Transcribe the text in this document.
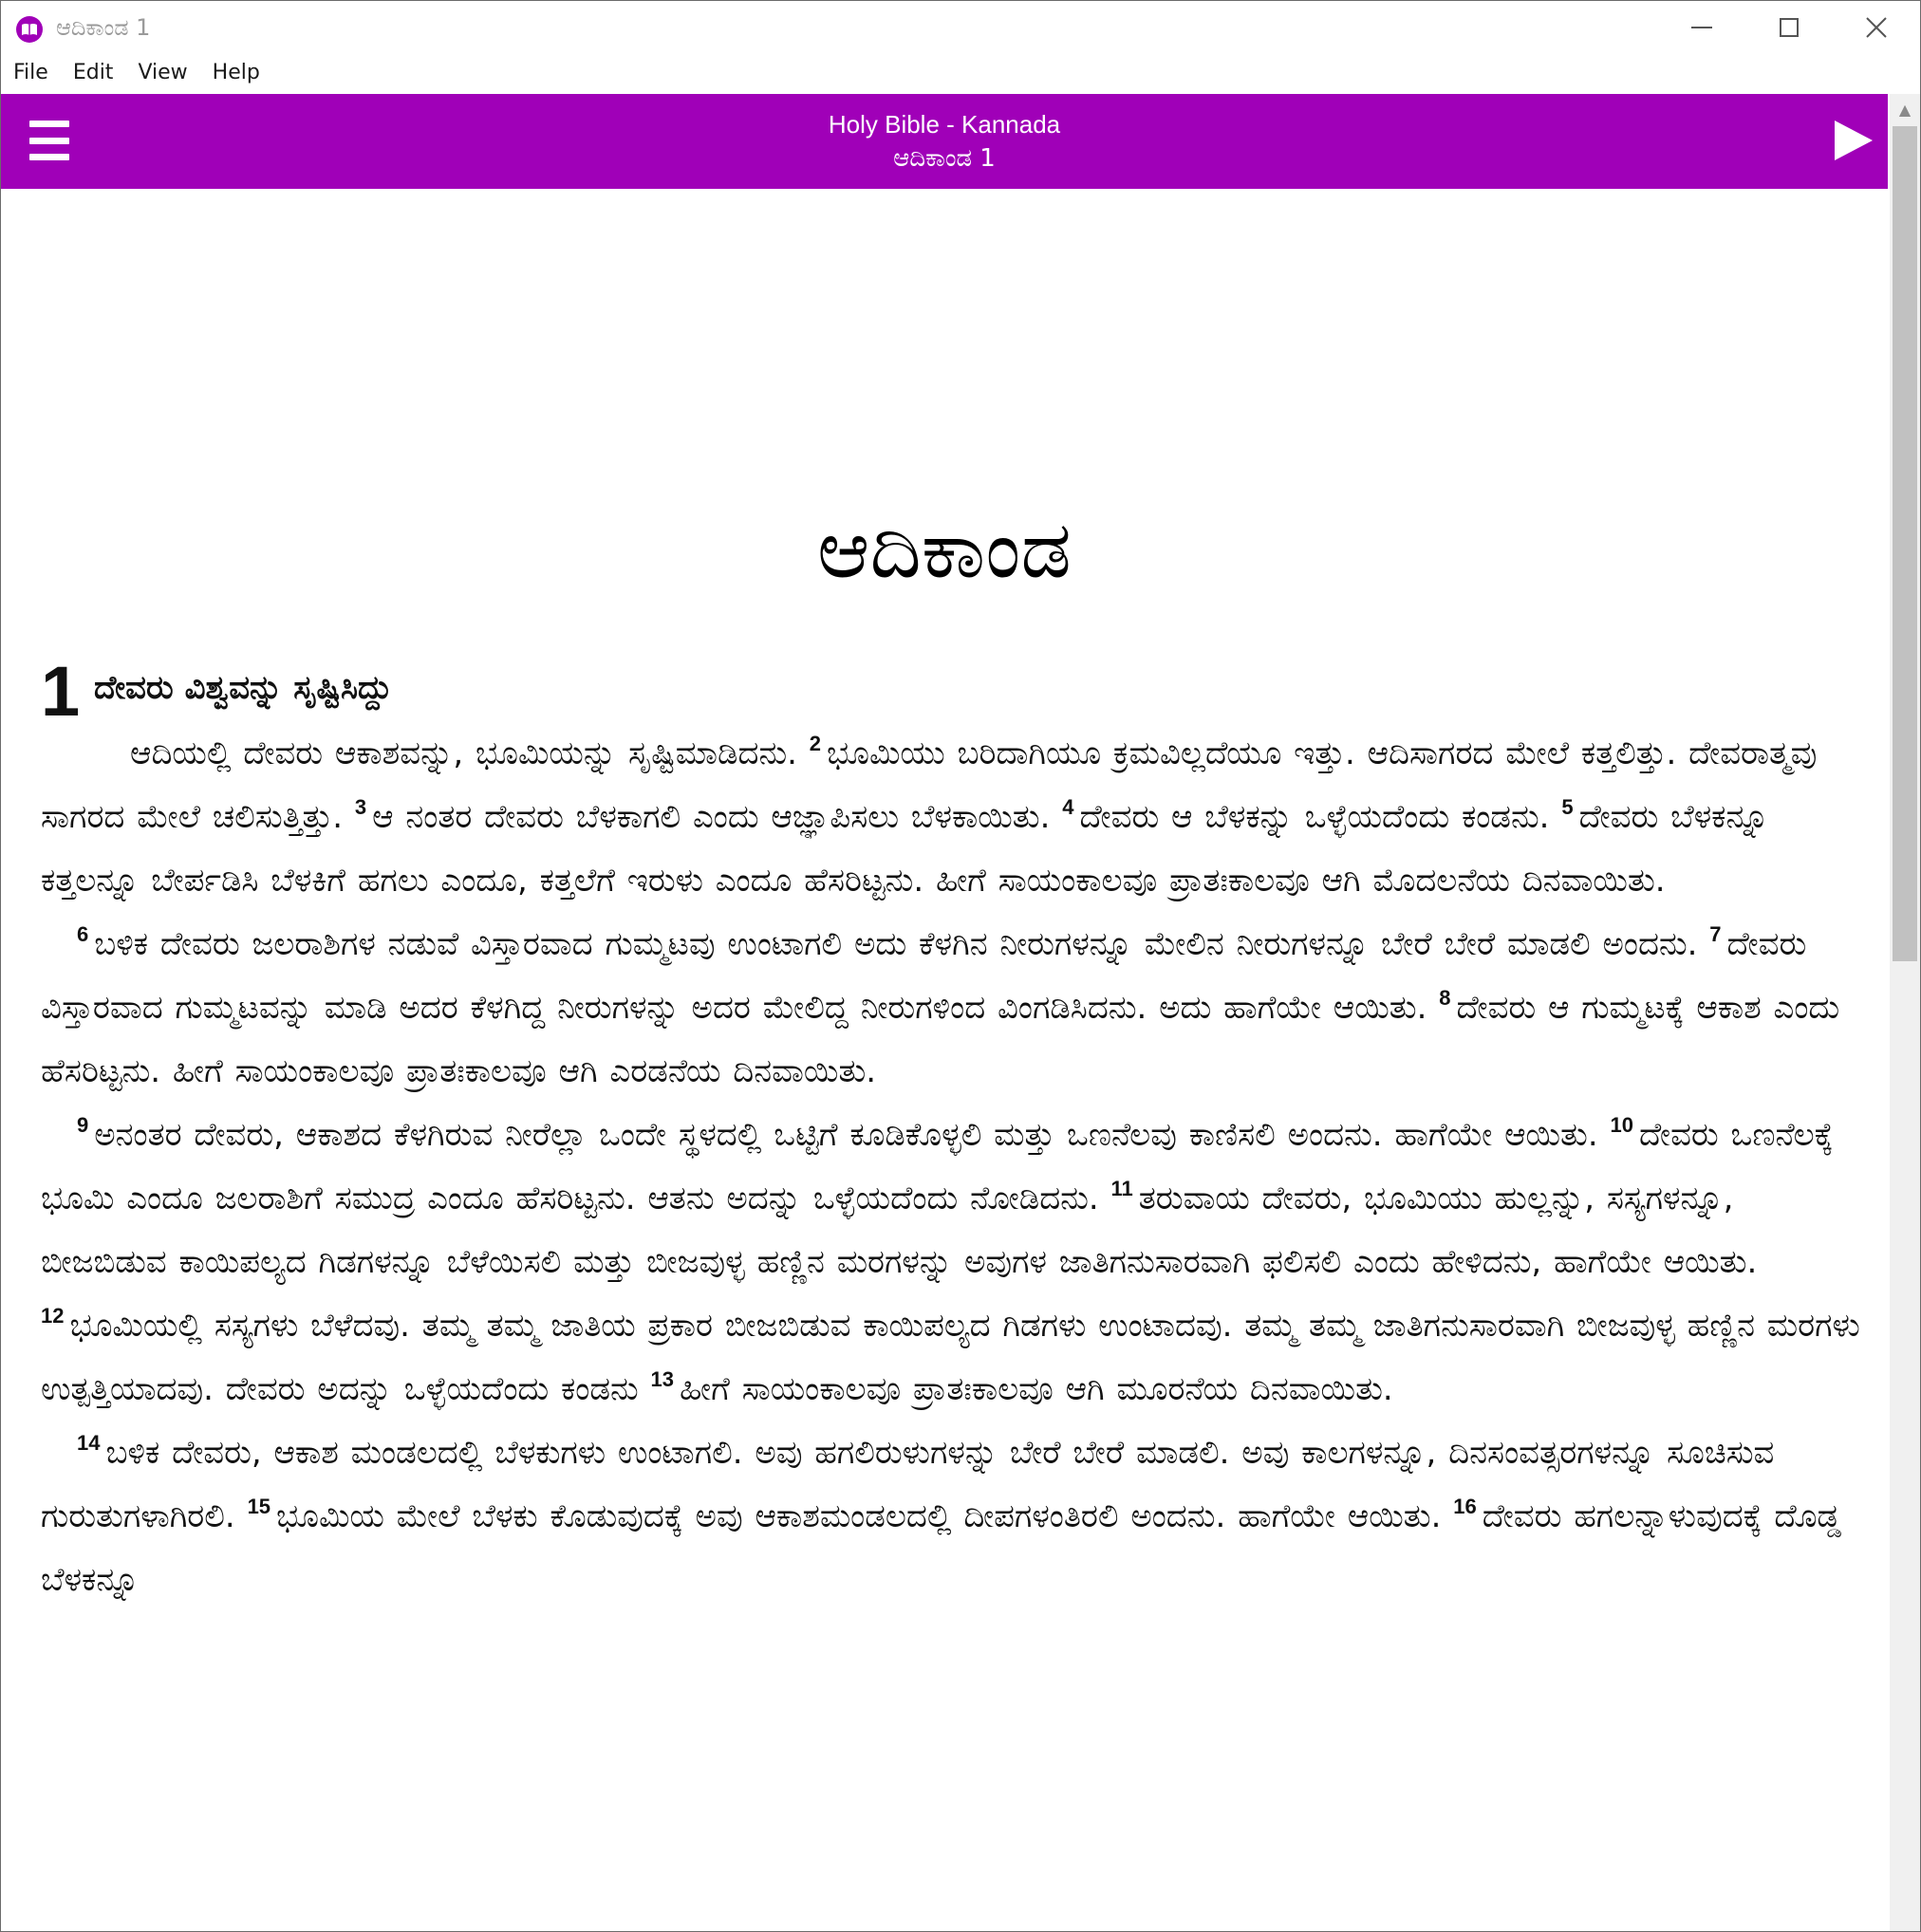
ಆದಿಕಾಂಡ 1
File	Edit	View	Help
Holy Bible - Kannada
ಆದಿಕಾಂಡ 1
ಆದಿಕಾಂಡ
1 ದೇವರು ವಿಶ್ವವನ್ನು ಸೃಷ್ಟಿಸಿದ್ದು

ಆದಿಯಲ್ಲಿ ದೇವರು ಆಕಾಶವನ್ನು, ಭೂಮಿಯನ್ನು ಸೃಷ್ಟಿಮಾಡಿದನು. $^2$ ಭೂಮಿಯು ಬರಿದಾಗಿಯೂ ಕ್ರಮವಿಲ್ಲದೆಯೂ ಇತ್ತು. ಆದಿಸಾಗರದ ಮೇಲೆ ಕತ್ತಲಿತ್ತು. ದೇವರಾತ್ಮವು ಸಾಗರದ ಮೇಲೆ ಚಲಿಸುತ್ತಿತ್ತು. $^3$ ಆ ನಂತರ ದೇವರು ಬೆಳಕಾಗಲಿ ಎಂದು ಆಜ್ಞಾಪಿಸಲು ಬೆಳಕಾಯಿತು. $^4$ ದೇವರು ಆ ಬೆಳಕನ್ನು ಒಳ್ಳೆಯದೆಂದು ಕಂಡನು. $^5$ ದೇವರು ಬೆಳಕನ್ನೂ ಕತ್ತಲನ್ನೂ ಬೇರ್ಪಡಿಸಿ ಬೆಳಕಿಗೆ ಹಗಲು ಎಂದೂ, ಕತ್ತಲೆಗೆ ಇರುಳು ಎಂದೂ ಹೆಸರಿಟ್ಟನು. ಹೀಗೆ ಸಾಯಂಕಾಲವೂ ಪ್ರಾತಃಕಾಲವೂ ಆಗಿ ಮೊದಲನೆಯ ದಿನವಾಯಿತು.

$^6$ ಬಳಿಕ ದೇವರು ಜಲರಾಶಿಗಳ ನಡುವೆ ವಿಸ್ತಾರವಾದ ಗುಮ್ಮಟವು ಉಂಟಾಗಲಿ ಅದು ಕೆಳಗಿನ ನೀರುಗಳನ್ನೂ ಮೇಲಿನ ನೀರುಗಳನ್ನೂ ಬೇರೆ ಬೇರೆ ಮಾಡಲಿ ಅಂದನು. $^7$ ದೇವರು ವಿಸ್ತಾರವಾದ ಗುಮ್ಮಟವನ್ನು ಮಾಡಿ ಅದರ ಕೆಳಗಿದ್ದ ನೀರುಗಳನ್ನು ಅದರ ಮೇಲಿದ್ದ ನೀರುಗಳಿಂದ ವಿಂಗಡಿಸಿದನು. ಅದು ಹಾಗೆಯೇ ಆಯಿತು. $^8$ ದೇವರು ಆ ಗುಮ್ಮಟಕ್ಕೆ ಆಕಾಶ ಎಂದು ಹೆಸರಿಟ್ಟನು. ಹೀಗೆ ಸಾಯಂಕಾಲವೂ ಪ್ರಾತಃಕಾಲವೂ ಆಗಿ ಎರಡನೆಯ ದಿನವಾಯಿತು.

$^9$ ಅನಂತರ ದೇವರು, ಆಕಾಶದ ಕೆಳಗಿರುವ ನೀರೆಲ್ಲಾ ಒಂದೇ ಸ್ಥಳದಲ್ಲಿ ಒಟ್ಟಿಗೆ ಕೂಡಿಕೊಳ್ಳಲಿ ಮತ್ತು ಒಣನೆಲವು ಕಾಣಿಸಲಿ ಅಂದನು. ಹಾಗೆಯೇ ಆಯಿತು. $^{10}$ ದೇವರು ಒಣನೆಲಕ್ಕೆ ಭೂಮಿ ಎಂದೂ ಜಲರಾಶಿಗೆ ಸಮುದ್ರ ಎಂದೂ ಹೆಸರಿಟ್ಟನು. ಆತನು ಅದನ್ನು ಒಳ್ಳೆಯದೆಂದು ನೋಡಿದನು. $^{11}$ ತರುವಾಯ ದೇವರು, ಭೂಮಿಯು ಹುಲ್ಲನ್ನು, ಸಸ್ಯಗಳನ್ನೂ, ಬೀಜಬಿಡುವ ಕಾಯಿಪಲ್ಯದ ಗಿಡಗಳನ್ನೂ ಬೆಳೆಯಿಸಲಿ ಮತ್ತು ಬೀಜವುಳ್ಳ ಹಣ್ಣಿನ ಮರಗಳನ್ನು ಅವುಗಳ ಜಾತಿಗನುಸಾರವಾಗಿ ಫಲಿಸಲಿ ಎಂದು ಹೇಳಿದನು, ಹಾಗೆಯೇ ಆಯಿತು. $^{12}$ ಭೂಮಿಯಲ್ಲಿ ಸಸ್ಯಗಳು ಬೆಳೆದವು. ತಮ್ಮ ತಮ್ಮ ಜಾತಿಯ ಪ್ರಕಾರ ಬೀಜಬಿಡುವ ಕಾಯಿಪಲ್ಯದ ಗಿಡಗಳು ಉಂಟಾದವು. ತಮ್ಮ ತಮ್ಮ ಜಾತಿಗನುಸಾರವಾಗಿ ಬೀಜವುಳ್ಳ ಹಣ್ಣಿನ ಮರಗಳು ಉತ್ಪತ್ತಿಯಾದವು. ದೇವರು ಅದನ್ನು ಒಳ್ಳೆಯದೆಂದು ಕಂಡನು $^{13}$ ಹೀಗೆ ಸಾಯಂಕಾಲವೂ ಪ್ರಾತಃಕಾಲವೂ ಆಗಿ ಮೂರನೆಯ ದಿನವಾಯಿತು.

$^{14}$ ಬಳಿಕ ದೇವರು, ಆಕಾಶ ಮಂಡಲದಲ್ಲಿ ಬೆಳಕುಗಳು ಉಂಟಾಗಲಿ. ಅವು ಹಗಲಿರುಳುಗಳನ್ನು ಬೇರೆ ಬೇರೆ ಮಾಡಲಿ. ಅವು ಕಾಲಗಳನ್ನೂ, ದಿನಸಂವತ್ಸರಗಳನ್ನೂ ಸೂಚಿಸುವ ಗುರುತುಗಳಾಗಿರಲಿ. $^{15}$ ಭೂಮಿಯ ಮೇಲೆ ಬೆಳಕು ಕೊಡುವುದಕ್ಕೆ ಅವು ಆಕಾಶಮಂಡಲದಲ್ಲಿ ದೀಪಗಳಂತಿರಲಿ ಅಂದನು. ಹಾಗೆಯೇ ಆಯಿತು. $^{16}$ ದೇವರು ಹಗಲನ್ನಾಳುವುದಕ್ಕೆ ದೊಡ್ಡ ಬೆಳಕನ್ನೂ

▲
